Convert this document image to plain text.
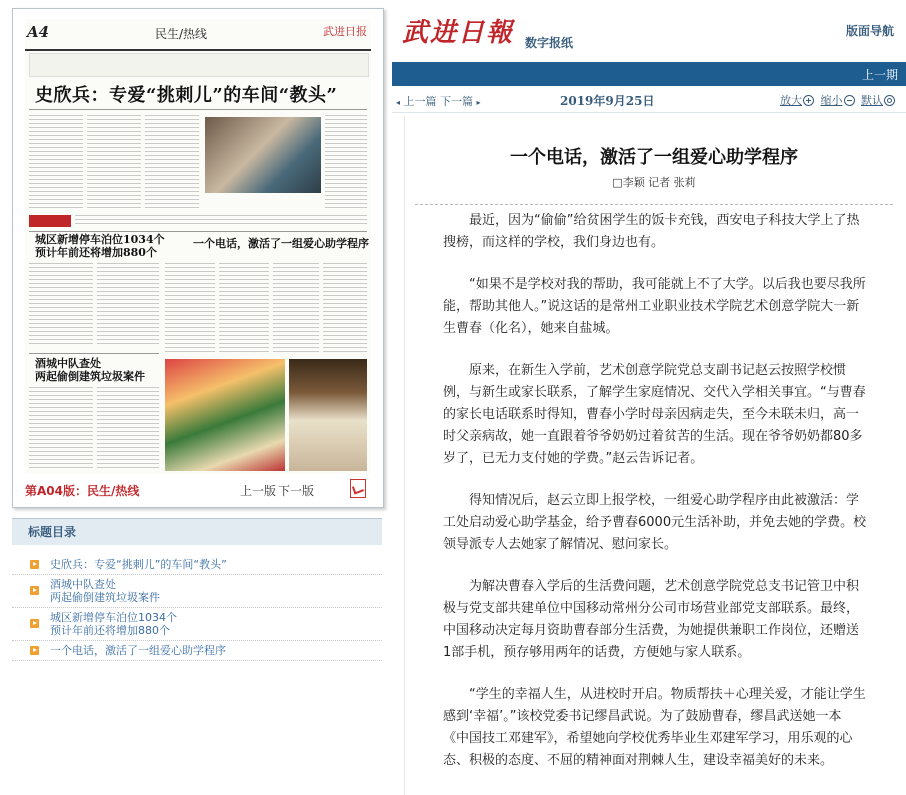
A4	民生/热线	武进日报
史欣兵：专爱“挑刺儿”的车间“教头”
城区新增停车泊位1034个
预计年前还将增加880个
一个电话，激活了一组爱心助学程序
酒城中队查处
两起偷倒建筑垃圾案件
第A04版：民生/热线	上一版 下一版
标题目录
史欣兵：专爱“挑刺儿”的车间“教头”
酒城中队查处
两起偷倒建筑垃圾案件
城区新增停车泊位1034个
预计年前还将增加880个
一个电话，激活了一组爱心助学程序
武进日報 数字报纸
版面导航
上一期
◂ 上一篇 下一篇 ▸	2019年9月25日	放大 缩小 默认
一个电话，激活了一组爱心助学程序
□李颖 记者 张莉

最近，因为“偷偷”给贫困学生的饭卡充钱，西安电子科技大学上了热搜榜，而这样的学校，我们身边也有。

“如果不是学校对我的帮助，我可能就上不了大学。以后我也要尽我所能，帮助其他人。”说这话的是常州工业职业技术学院艺术创意学院大一新生曹春（化名），她来自盐城。

原来，在新生入学前，艺术创意学院党总支副书记赵云按照学校惯例，与新生或家长联系，了解学生家庭情况、交代入学相关事宜。“与曹春的家长电话联系时得知，曹春小学时母亲因病走失，至今未联未归，高一时父亲病故，她一直跟着爷爷奶奶过着贫苦的生活。现在爷爷奶奶都80多岁了，已无力支付她的学费。”赵云告诉记者。

得知情况后，赵云立即上报学校，一组爱心助学程序由此被激活：学工处启动爱心助学基金，给予曹春6000元生活补助，并免去她的学费。校领导派专人去她家了解情况、慰问家长。

为解决曹春入学后的生活费问题，艺术创意学院党总支书记管卫中积极与党支部共建单位中国移动常州分公司市场营业部党支部联系。最终，中国移动决定每月资助曹春部分生活费，为她提供兼职工作岗位，还赠送1部手机，预存够用两年的话费，方便她与家人联系。

“学生的幸福人生，从进校时开启。物质帮扶＋心理关爱，才能让学生感到‘幸福’。”该校党委书记缪昌武说。为了鼓励曹春，缪昌武送她一本《中国技工邓建军》，希望她向学校优秀毕业生邓建军学习，用乐观的心态、积极的态度、不屈的精神面对荆棘人生，建设幸福美好的未来。
